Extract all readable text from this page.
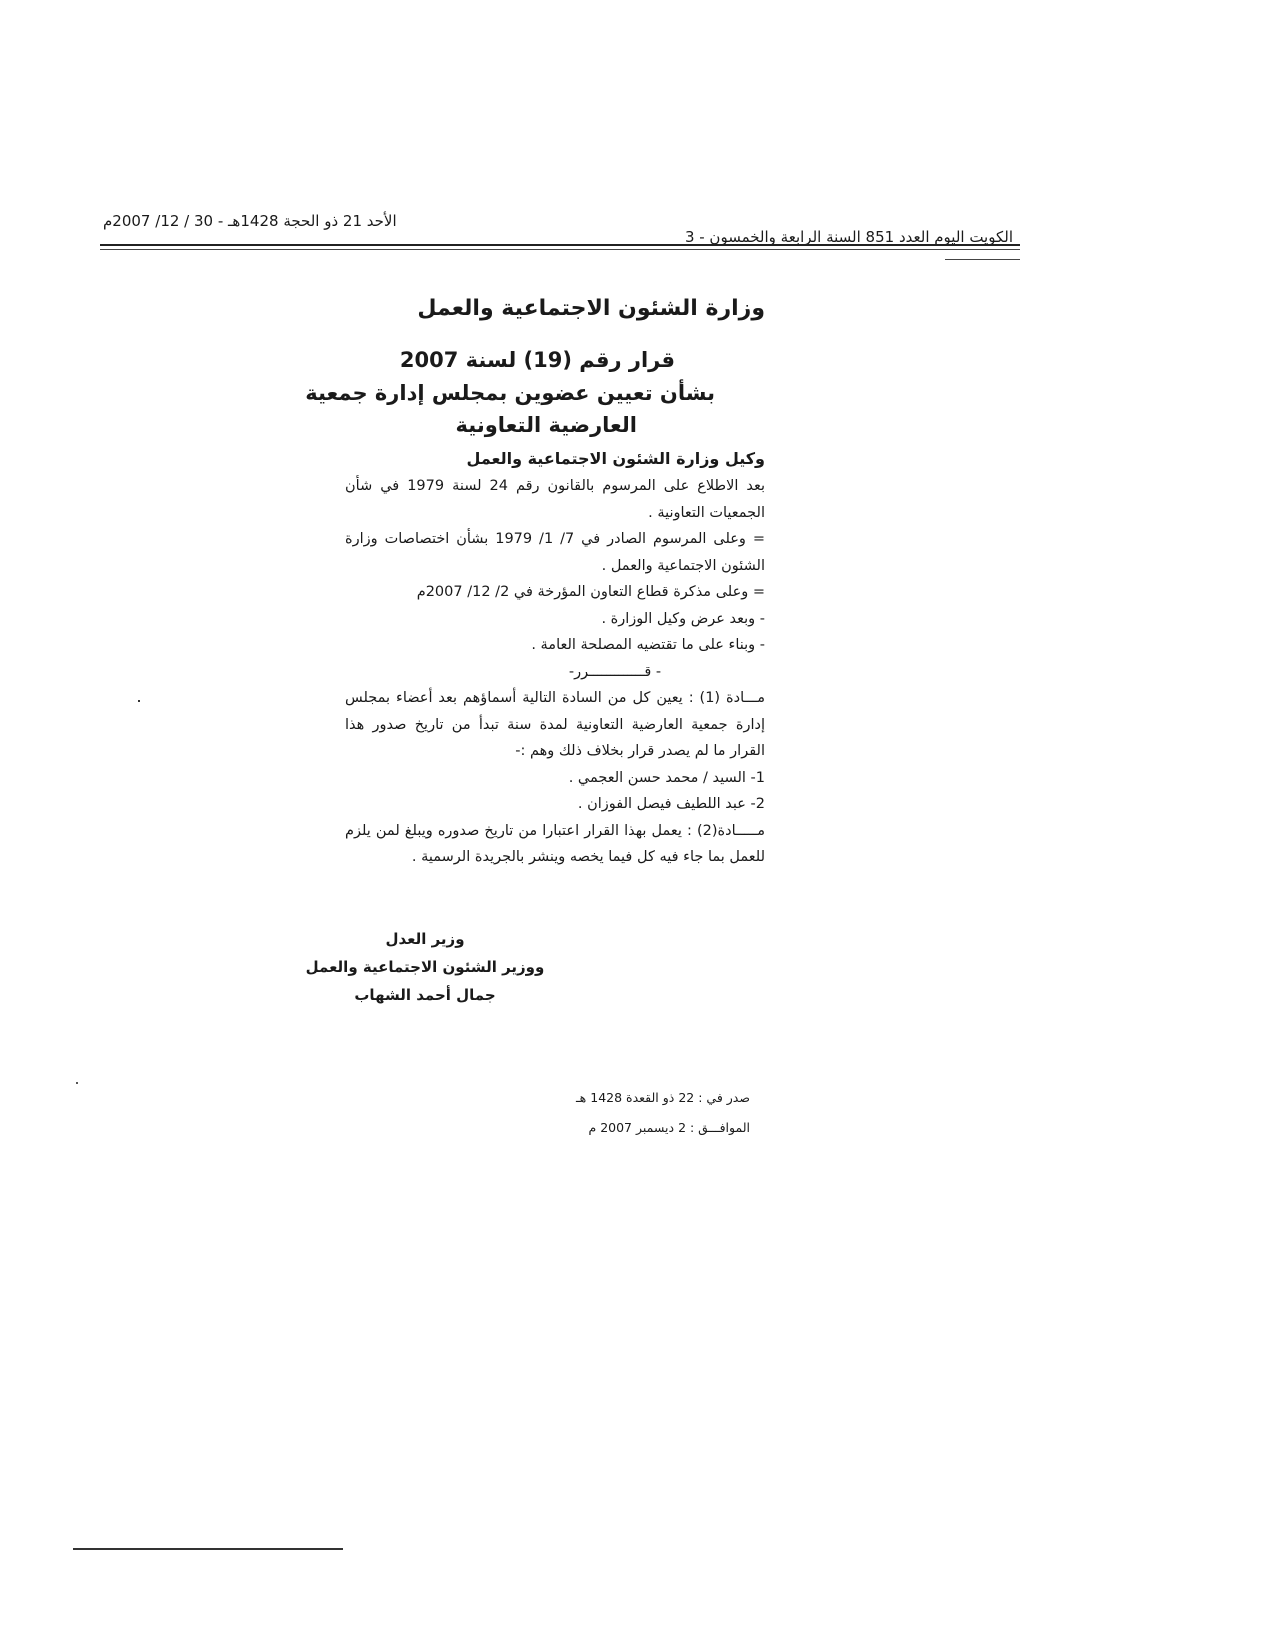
الأحد 21 ذو الحجة 1428هـ - 30 / 12/ 2007م
الكويت اليوم العدد 851 السنة الرابعة والخمسون - 3
وزارة الشئون الاجتماعية والعمل
قرار رقم (19) لسنة 2007
بشأن تعيين عضوين بمجلس إدارة جمعية
العارضية التعاونية
وكيل وزارة الشئون الاجتماعية والعمل

بعد الاطلاع على المرسوم بالقانون رقم 24 لسنة 1979 في شأن الجمعيات التعاونية .

= وعلى المرسوم الصادر في 7/ 1/ 1979 بشأن اختصاصات وزارة الشئون الاجتماعية والعمل .

= وعلى مذكرة قطاع التعاون المؤرخة في 2/ 12/ 2007م

- وبعد عرض وكيل الوزارة .

- وبناء على ما تقتضيه المصلحة العامة .

- قـــــــــــــرر-

مـــادة (1) : يعين كل من السادة التالية أسماؤهم بعد أعضاء بمجلس إدارة جمعية العارضية التعاونية لمدة سنة تبدأ من تاريخ صدور هذا القرار ما لم يصدر قرار بخلاف ذلك وهم :-

1- السيد / محمد حسن العجمي .

2- عبد اللطيف فيصل الفوزان .

مـــــادة(2) : يعمل بهذا القرار اعتبارا من تاريخ صدوره ويبلغ لمن يلزم للعمل بما جاء فيه كل فيما يخصه وينشر بالجريدة الرسمية .

وزير العدل
ووزير الشئون الاجتماعية والعمل
جمال أحمد الشهاب
صدر في : 22 ذو القعدة 1428 هـ
الموافـــق : 2 ديسمبر 2007 م
